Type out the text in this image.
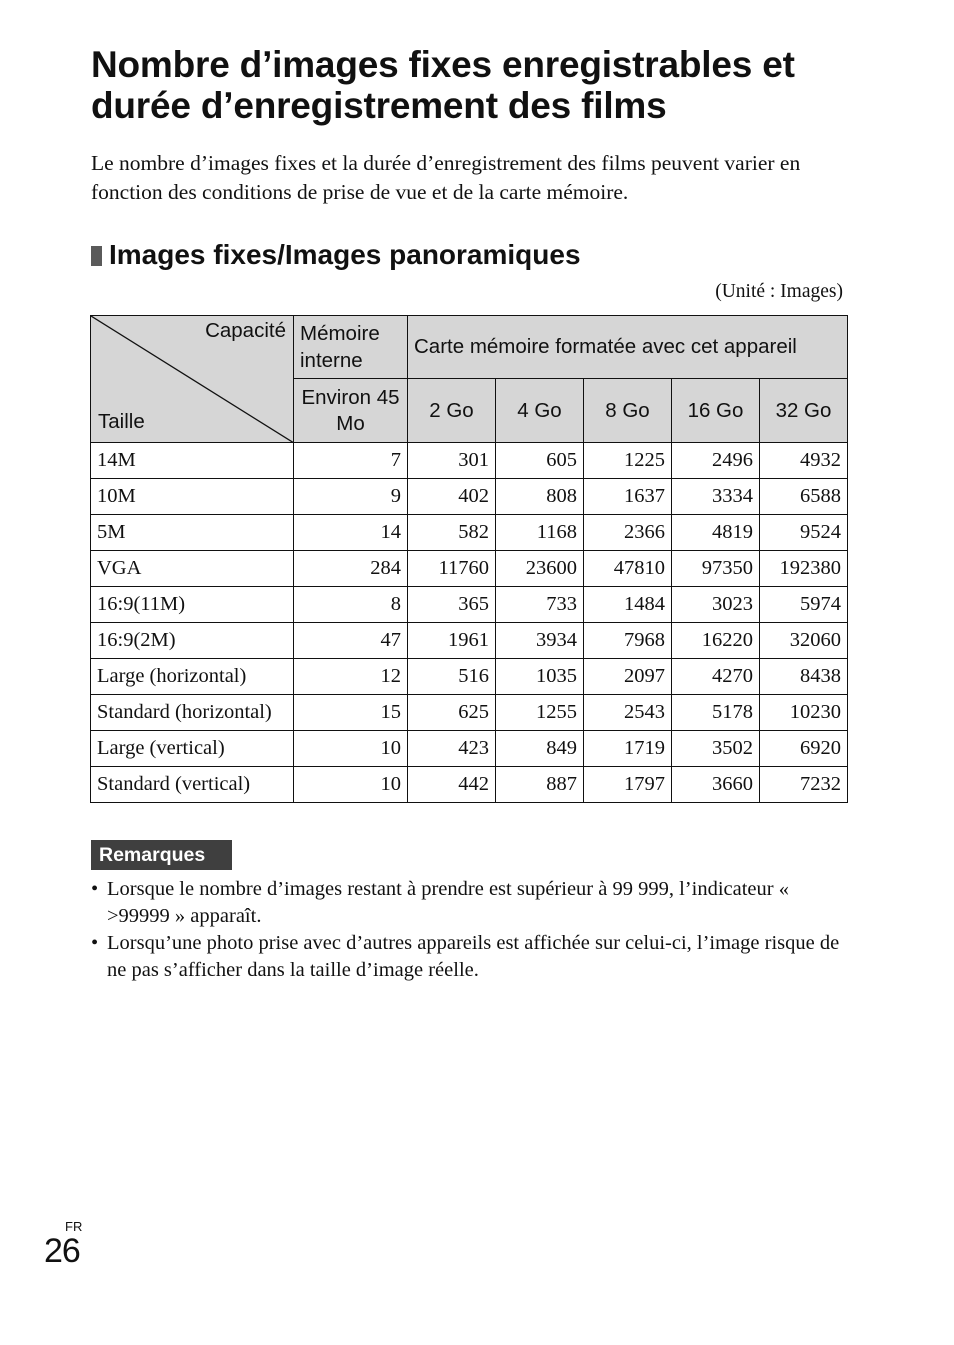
Nombre d’images fixes enregistrables et durée d’enregistrement des films

Le nombre d’images fixes et la durée d’enregistrement des films peuvent varier en fonction des conditions de prise de vue et de la carte mémoire.

Images fixes/Images panoramiques
(Unité : Images)
Capacité
Taille	Mémoire interne	Carte mémoire formatée avec cet appareil				
	Environ 45 Mo	2 Go	4 Go	8 Go	16 Go	32 Go
14M	7	301	605	1225	2496	4932
10M	9	402	808	1637	3334	6588
5M	14	582	1168	2366	4819	9524
VGA	284	11760	23600	47810	97350	192380
16:9(11M)	8	365	733	1484	3023	5974
16:9(2M)	47	1961	3934	7968	16220	32060
Large (horizontal)	12	516	1035	2097	4270	8438
Standard (horizontal)	15	625	1255	2543	5178	10230
Large (vertical)	10	423	849	1719	3502	6920
Standard (vertical)	10	442	887	1797	3660	7232
Remarques
• Lorsque le nombre d’images restant à prendre est supérieur à 99 999, l’indicateur « >99999 » apparaît.
• Lorsqu’une photo prise avec d’autres appareils est affichée sur celui-ci, l’image risque de ne pas s’afficher dans la taille d’image réelle.
FR
26
